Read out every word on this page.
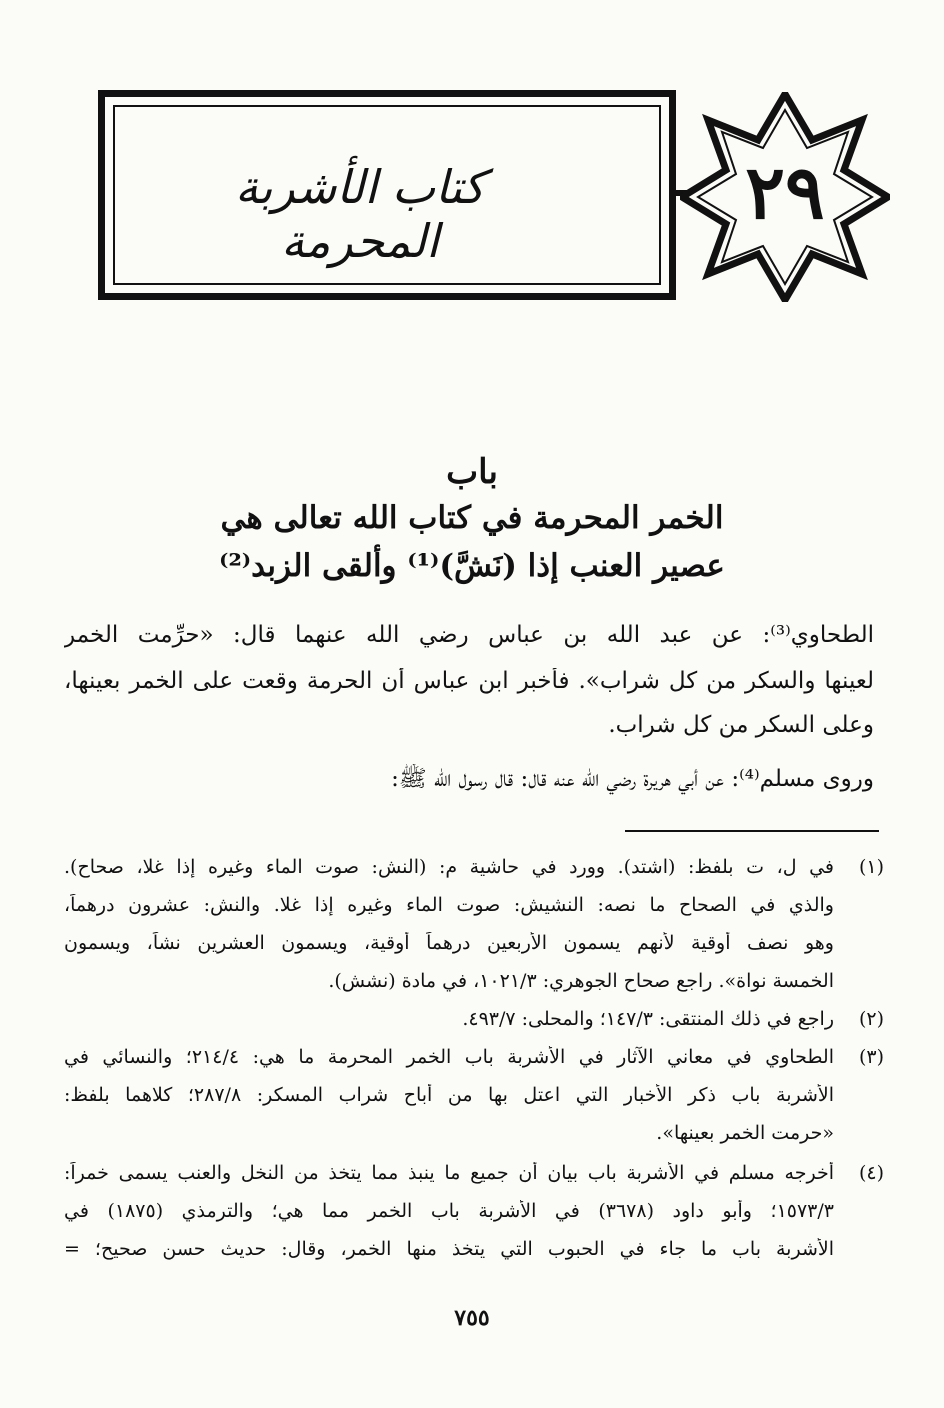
كتاب الأشربة المحرمة
٢٩
باب
الخمر المحرمة في كتاب الله تعالى هي
عصير العنب إذا (نَشَّ)⁽¹⁾ وألقى الزبد⁽²⁾
الطحاوي⁽³⁾: عن عبد الله بن عباس رضي الله عنهما قال: «حرِّمت الخمر
لعينها والسكر من كل شراب». فأخبر ابن عباس أن الحرمة وقعت على الخمر بعينها،
وعلى السكر من كل شراب.
وروى مسلم⁽⁴⁾: عن أبي هريرة رضي الله عنه قال: قال رسول الله ﷺ:
(١)
في ل، ت بلفظ: (اشتد). وورد في حاشية م: (النش: صوت الماء وغيره إذا غلا، صحاح).
والذي في الصحاح ما نصه: النشيش: صوت الماء وغيره إذا غلا. والنش: عشرون درهماً،
وهو نصف أوقية لأنهم يسمون الأربعين درهماً أوقية، ويسمون العشرين نشاً، ويسمون
الخمسة نواة». راجع صحاح الجوهري: ١٠٢١/٣، في مادة (نشش).
(٢)
راجع في ذلك المنتقى: ١٤٧/٣؛ والمحلى: ٤٩٣/٧.
(٣)
الطحاوي في معاني الآثار في الأشربة باب الخمر المحرمة ما هي: ٢١٤/٤؛ والنسائي في
الأشربة باب ذكر الأخبار التي اعتل بها من أباح شراب المسكر: ٢٨٧/٨؛ كلاهما بلفظ:
«حرمت الخمر بعينها».
(٤)
أخرجه مسلم في الأشربة باب بيان أن جميع ما ينبذ مما يتخذ من النخل والعنب يسمى خمراً:
١٥٧٣/٣؛ وأبو داود (٣٦٧٨) في الأشربة باب الخمر مما هي؛ والترمذي (١٨٧٥) في
الأشربة باب ما جاء في الحبوب التي يتخذ منها الخمر، وقال: حديث حسن صحيح؛ =
٧٥٥
